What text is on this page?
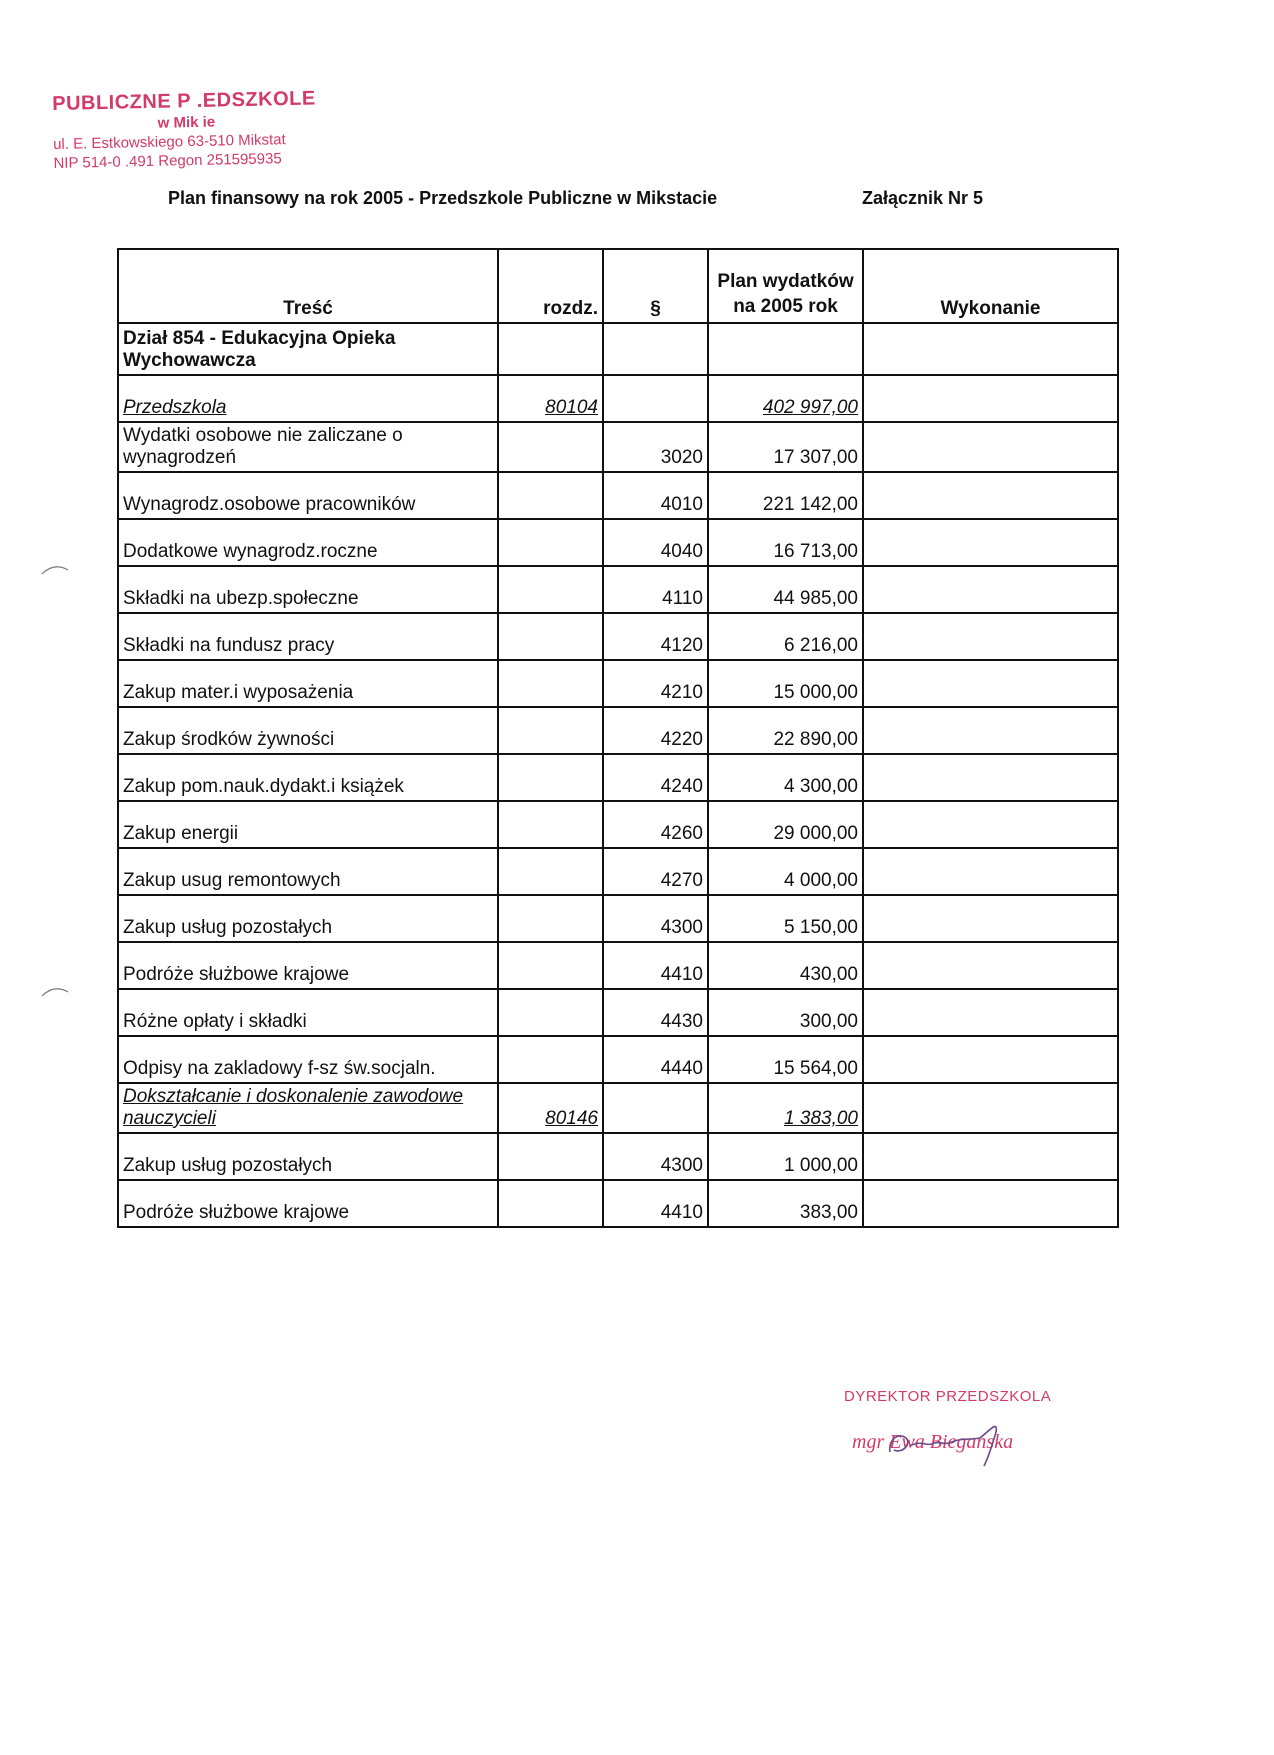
PUBLICZNE P .EDSZKOLE
w Mik ie
ul. E. Estkowskiego 63-510 Mikstat
NIP 514-0 .491 Regon 251595935
Plan finansowy na rok 2005 - Przedszkole Publiczne w Mikstacie	Załącznik Nr 5
Treść	rozdz.	§	Plan wydatków na 2005 rok	Wykonanie
Dział 854 - Edukacyjna Opieka Wychowawcza				
Przedszkola	80104		402 997,00	
Wydatki osobowe nie zaliczane o wynagrodzeń		3020	17 307,00	
Wynagrodz.osobowe pracowników		4010	221 142,00	
Dodatkowe wynagrodz.roczne		4040	16 713,00	
Składki na ubezp.społeczne		4110	44 985,00	
Składki na fundusz pracy		4120	6 216,00	
Zakup mater.i wyposażenia		4210	15 000,00	
Zakup środków żywności		4220	22 890,00	
Zakup pom.nauk.dydakt.i książek		4240	4 300,00	
Zakup energii		4260	29 000,00	
Zakup usug remontowych		4270	4 000,00	
Zakup usług pozostałych		4300	5 150,00	
Podróże służbowe krajowe		4410	430,00	
Różne opłaty i składki		4430	300,00	
Odpisy na zakladowy f-sz św.socjaln.		4440	15 564,00	
Dokształcanie i doskonalenie zawodowe nauczycieli	80146		1 383,00	
Zakup usług pozostałych		4300	1 000,00	
Podróże służbowe krajowe		4410	383,00	
DYREKTOR PRZEDSZKOLA
mgr Ewa Biegańska
